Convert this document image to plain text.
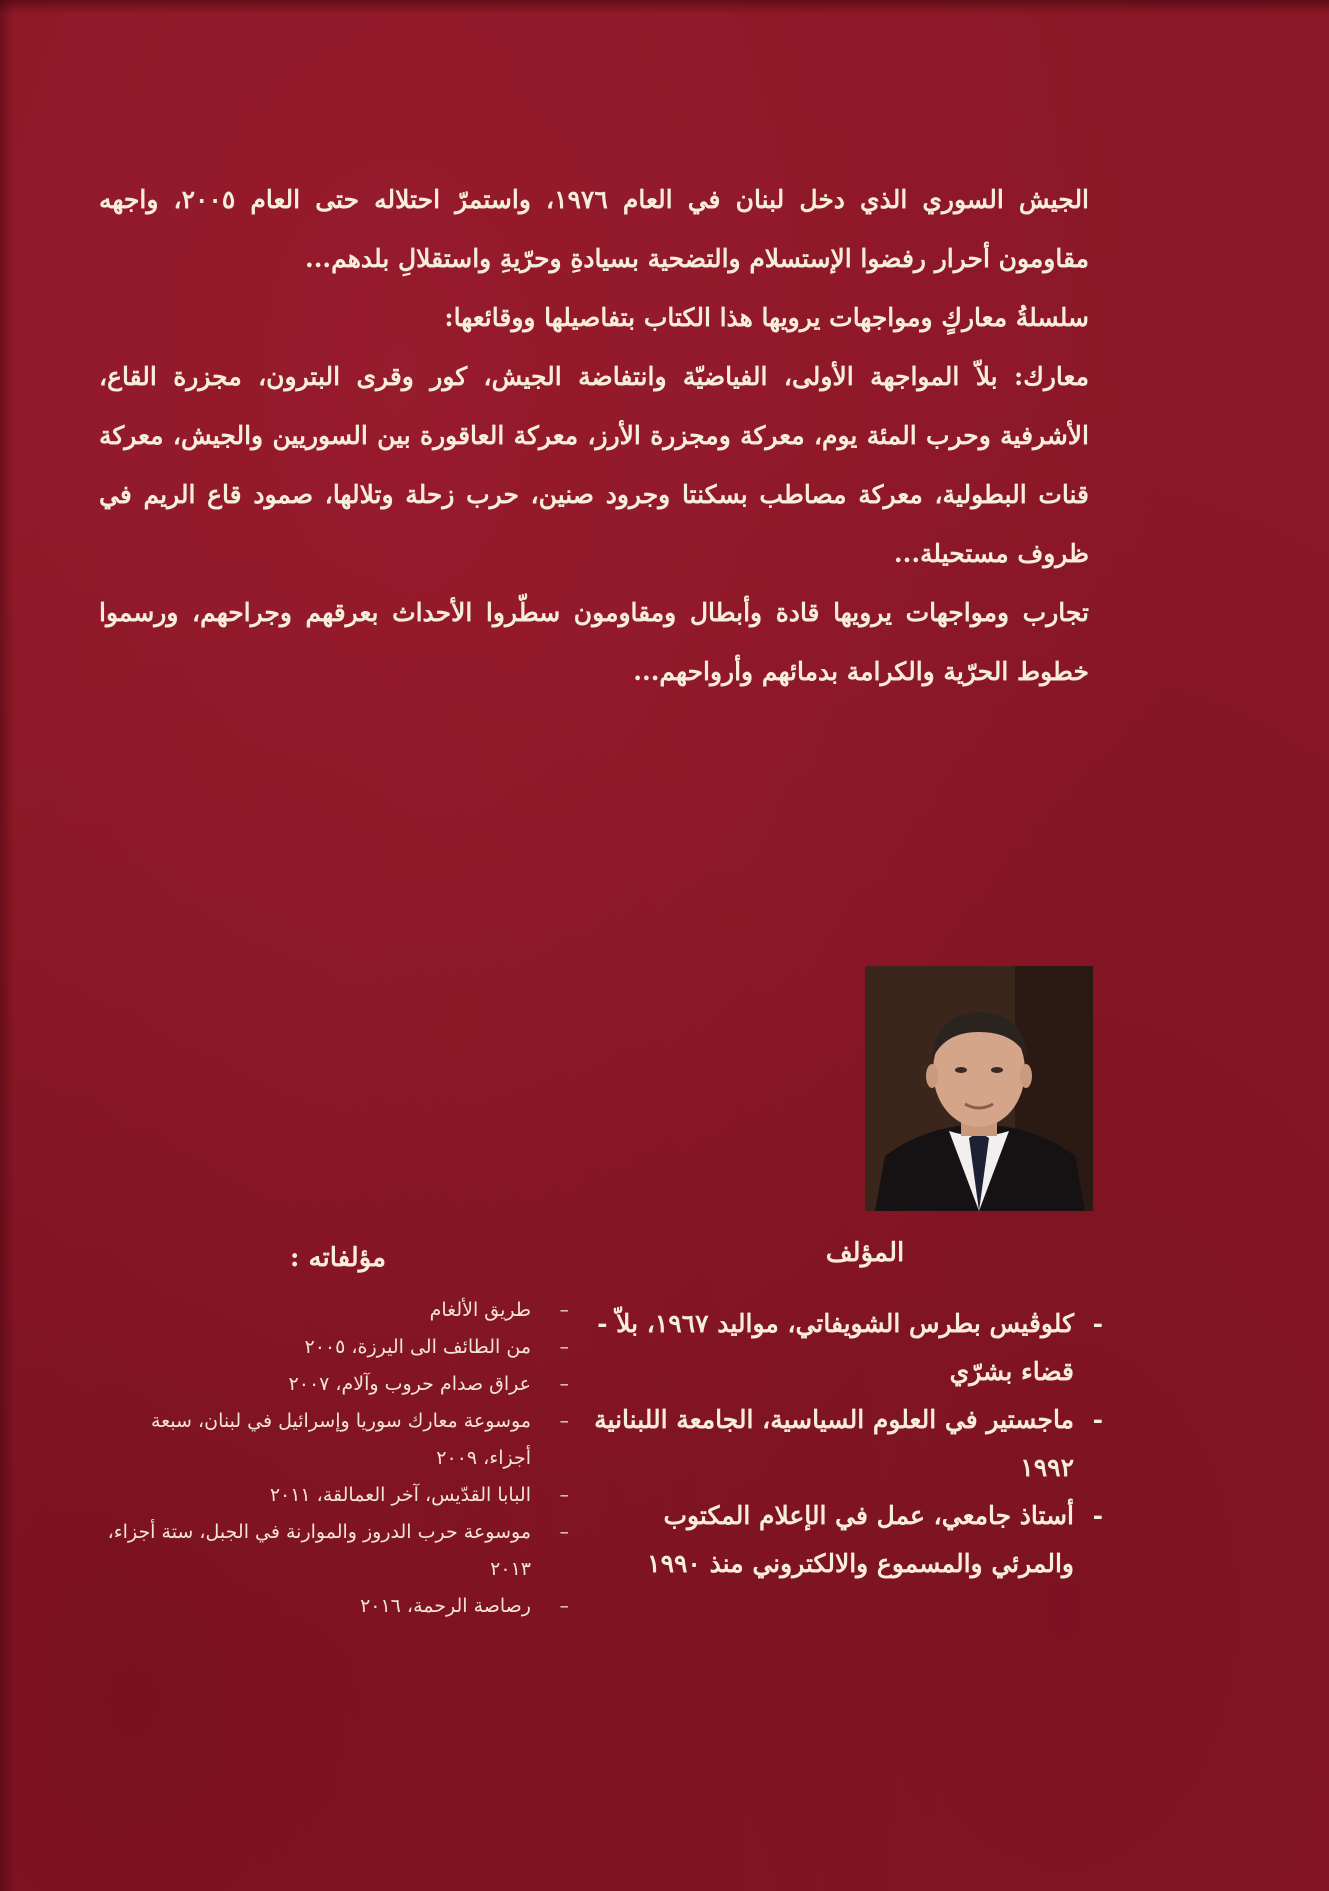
الجيش السوري الذي دخل لبنان في العام ١٩٧٦، واستمرّ احتلاله حتى العام ٢٠٠٥، واجهه مقاومون أحرار رفضوا الإستسلام والتضحية بسيادةِ وحرّيةِ واستقلالِ بلدهم...

سلسلةُ معاركٍ ومواجهات يرويها هذا الكتاب بتفاصيلها ووقائعها:

معارك: بلاّ المواجهة الأولى، الفياضيّة وانتفاضة الجيش، كور وقرى البترون، مجزرة القاع، الأشرفية وحرب المئة يوم، معركة ومجزرة الأرز، معركة العاقورة بين السوريين والجيش، معركة قنات البطولية، معركة مصاطب بسكنتا وجرود صنين، حرب زحلة وتلالها، صمود قاع الريم في ظروف مستحيلة...

تجارب ومواجهات يرويها قادة وأبطال ومقاومون سطّروا الأحداث بعرقهم وجراحهم، ورسموا خطوط الحرّية والكرامة بدمائهم وأرواحهم...

المؤلف
مؤلفاته :
- كلوڤيس بطرس الشويفاتي، مواليد ١٩٦٧، بلاّ - قضاء بشرّي
- ماجستير في العلوم السياسية، الجامعة اللبنانية ١٩٩٢
- أستاذ جامعي، عمل في الإعلام المكتوب والمرئي والمسموع والالكتروني منذ ١٩٩٠
– طريق الألغام
– من الطائف الى اليرزة، ٢٠٠٥
– عراق صدام حروب وآلام، ٢٠٠٧
– موسوعة معارك سوريا وإسرائيل في لبنان، سبعة أجزاء، ٢٠٠٩
– البابا القدّيس، آخر العمالقة، ٢٠١١
– موسوعة حرب الدروز والموارنة في الجبل، ستة أجزاء، ٢٠١٣
– رصاصة الرحمة، ٢٠١٦
